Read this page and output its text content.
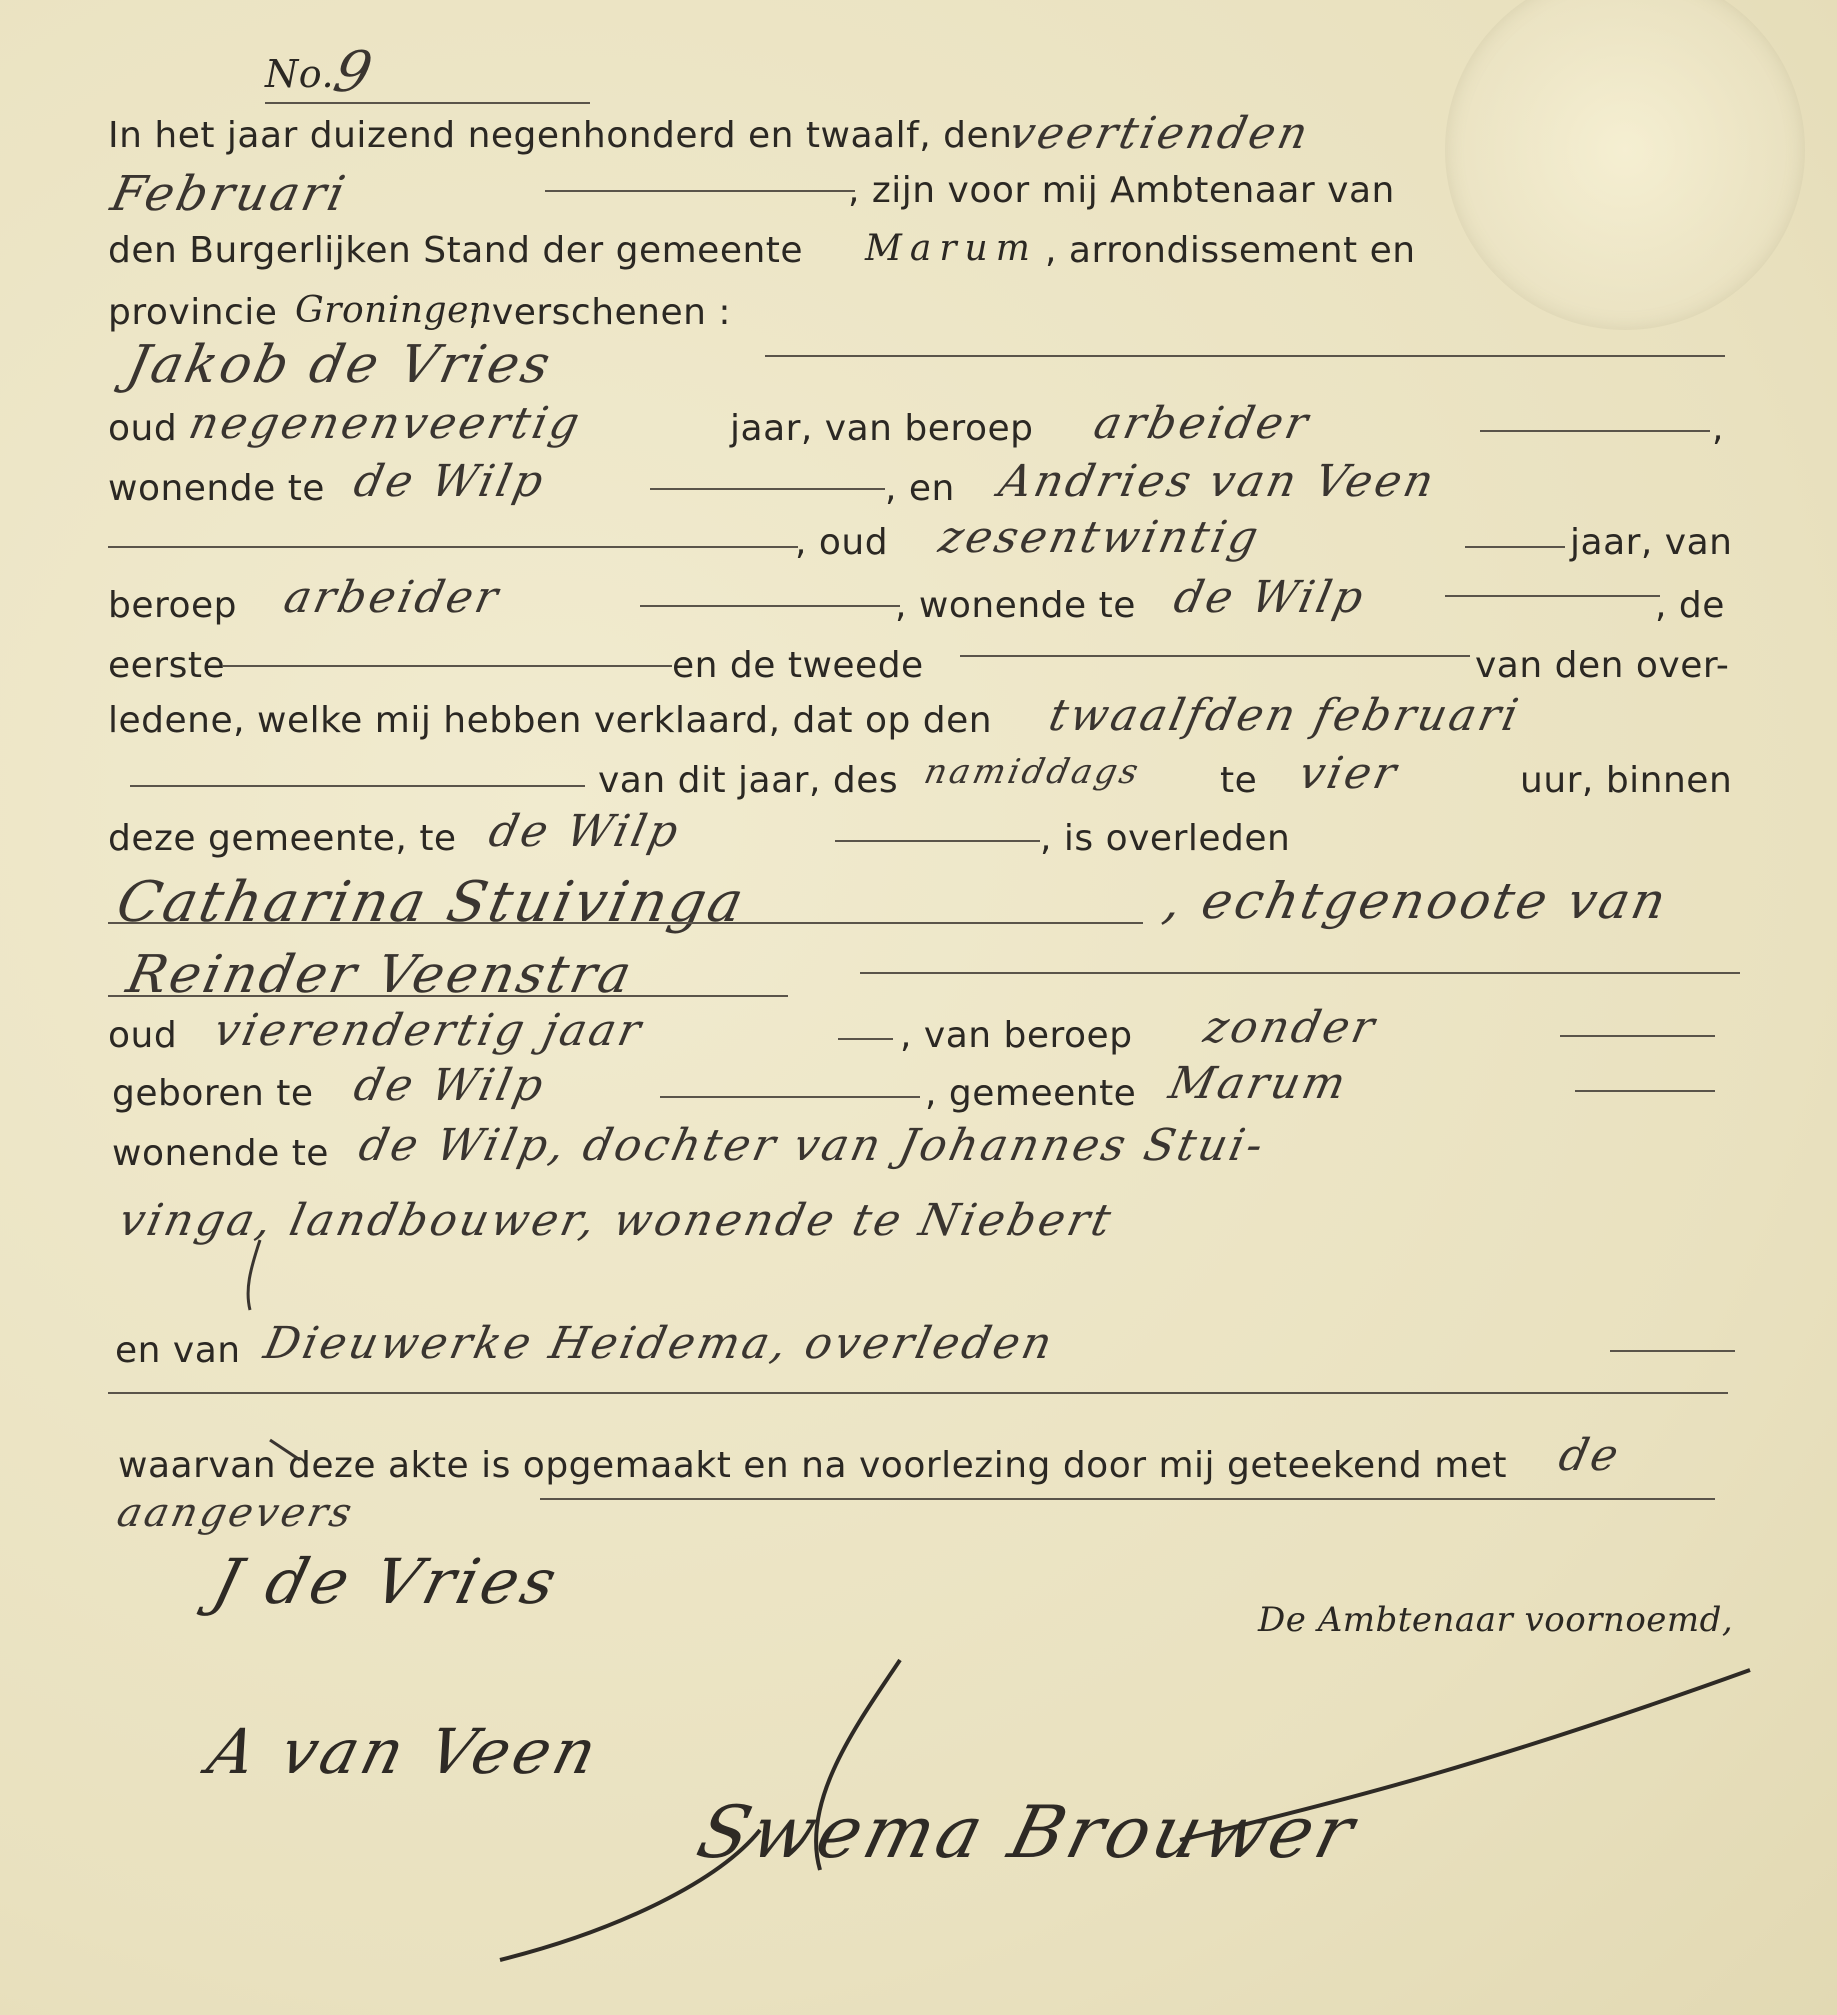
No.
9
In het jaar duizend negenhonderd en twaalf, den
veertienden
Februari	, zijn voor mij Ambtenaar van
den Burgerlijken Stand der gemeente Marum , arrondissement en
provincie Groningen
, verschenen :
Jakob de Vries
oud negenenveertig	jaar, van beroep arbeider	,
wonende te de Wilp	, en Andries van Veen
, oud zesentwintig	jaar, van
beroep arbeider	, wonende te de Wilp	, de
eerste	en de tweede	van den over-
ledene, welke mij hebben verklaard, dat op den twaalfden februari
van dit jaar, des namiddags te vier	uur, binnen
deze gemeente, te de Wilp	, is overleden
Catharina Stuivinga	, echtgenoote van
Reinder Veenstra
oud vierendertig jaar	, van beroep zonder
geboren te de Wilp	, gemeente Marum
wonende te de Wilp, dochter van Johannes Stui-
vinga, landbouwer, wonende te Niebert
en van Dieuwerke Heidema, overleden
waarvan deze akte is opgemaakt en na voorlezing door mij geteekend met de
aangevers
J de Vries
De Ambtenaar voornoemd,
A van Veen
Swema Brouwer
